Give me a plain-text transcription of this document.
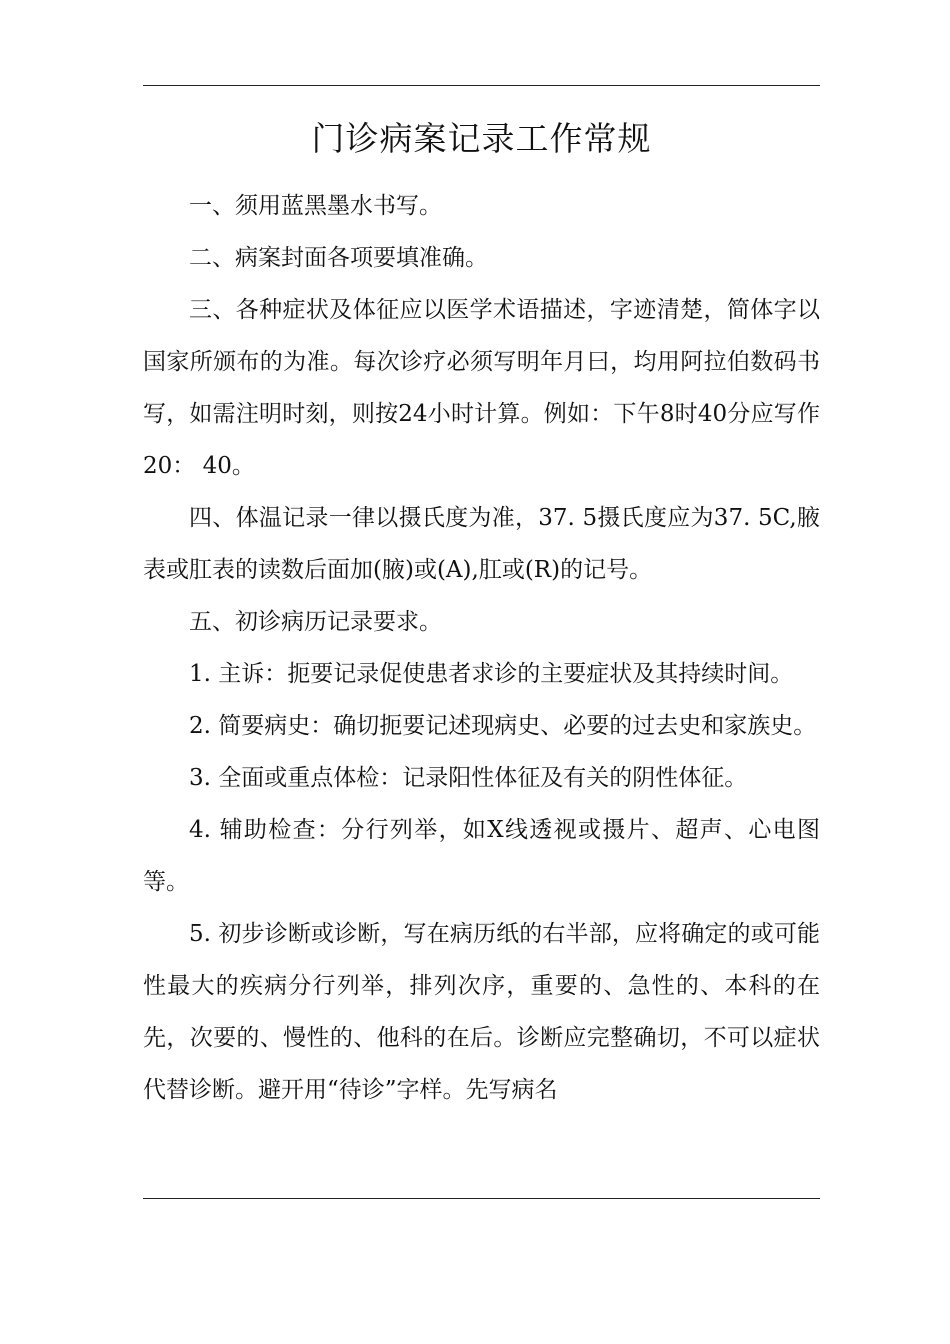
门诊病案记录工作常规

一、须用蓝黑墨水书写。

二、病案封面各项要填准确。

三、各种症状及体征应以医学术语描述，字迹清楚，简体字以国家所颁布的为准。每次诊疗必须写明年月曰，均用阿拉伯数码书写，如需注明时刻，则按24小时计算。例如：下午8时40分应写作20： 40。

四、体温记录一律以摄氏度为准，37. 5摄氏度应为37. 5C,腋表或肛表的读数后面加(腋)或(A),肛或(R)的记号。

五、初诊病历记录要求。

1. 主诉：扼要记录促使患者求诊的主要症状及其持续时间。

2. 简要病史：确切扼要记述现病史、必要的过去史和家族史。

3. 全面或重点体检：记录阳性体征及有关的阴性体征。

4. 辅助检查：分行列举，如X线透视或摄片、超声、心电图等。

5. 初步诊断或诊断，写在病历纸的右半部，应将确定的或可能性最大的疾病分行列举，排列次序，重要的、急性的、本科的在先，次要的、慢性的、他科的在后。诊断应完整确切，不可以症状代替诊断。避开用“待诊”字样。先写病名
